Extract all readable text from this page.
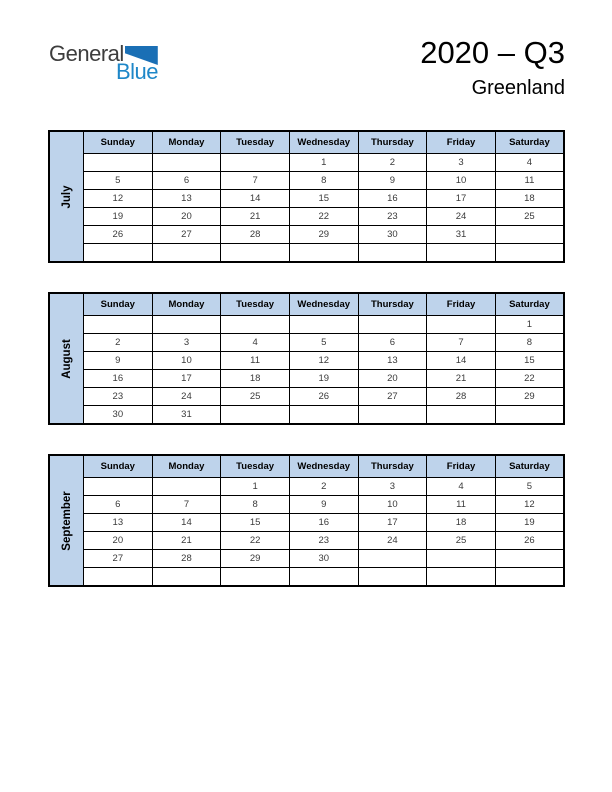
General
Blue
2020 – Q3
Greenland
July	Sunday	Monday	Tuesday	Wednesday	Thursday	Friday	Saturday
				1	2	3	4
	5	6	7	8	9	10	11
	12	13	14	15	16	17	18
	19	20	21	22	23	24	25
	26	27	28	29	30	31	

August	Sunday	Monday	Tuesday	Wednesday	Thursday	Friday	Saturday
							1
	2	3	4	5	6	7	8
	9	10	11	12	13	14	15
	16	17	18	19	20	21	22
	23	24	25	26	27	28	29
	30	31					
September	Sunday	Monday	Tuesday	Wednesday	Thursday	Friday	Saturday
			1	2	3	4	5
	6	7	8	9	10	11	12
	13	14	15	16	17	18	19
	20	21	22	23	24	25	26
	27	28	29	30			
